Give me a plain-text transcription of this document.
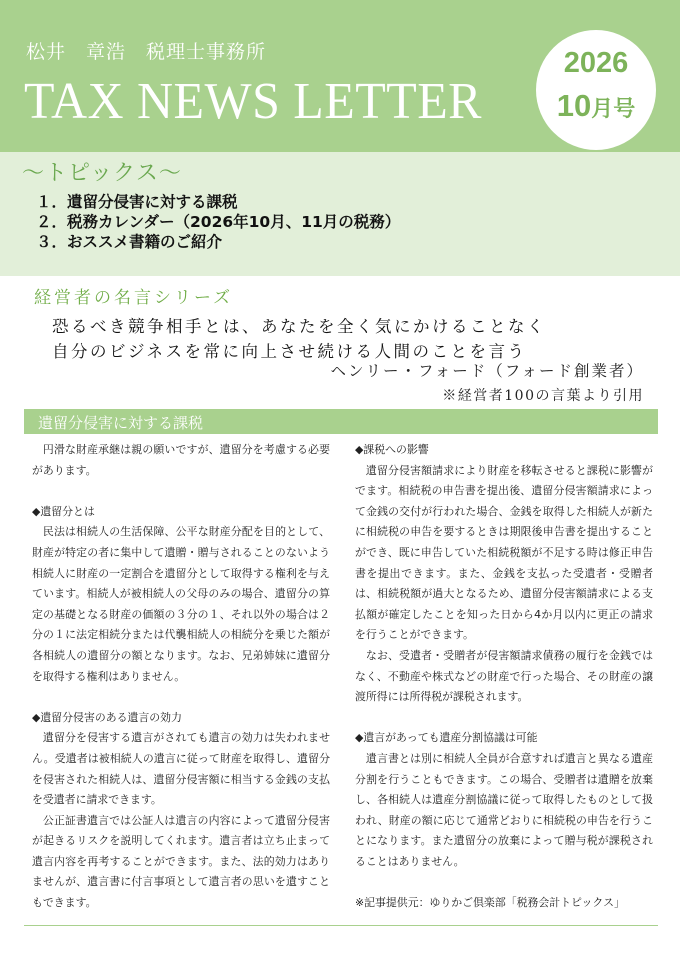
松井　章浩　税理士事務所
TAX NEWS LETTER
2026
10月号
～トピックス～
１．遺留分侵害に対する課税
２．税務カレンダー（2026年10月、11月の税務）
３．おススメ書籍のご紹介
経営者の名言シリーズ
恐るべき競争相手とは、あなたを全く気にかけることなく
自分のビジネスを常に向上させ続ける人間のことを言う
ヘンリー・フォード（フォード創業者）
※経営者100の言葉より引用
遺留分侵害に対する課税

円滑な財産承継は親の願いですが、遺留分を考慮する必要があります。

◆遺留分とは

民法は相続人の生活保障、公平な財産分配を目的として、財産が特定の者に集中して遺贈・贈与されることのないよう相続人に財産の一定割合を遺留分として取得する権利を与えています。相続人が被相続人の父母のみの場合、遺留分の算定の基礎となる財産の価額の３分の１、それ以外の場合は２分の１に法定相続分または代襲相続人の相続分を乗じた額が各相続人の遺留分の額となります。なお、兄弟姉妹に遺留分を取得する権利はありません。

◆遺留分侵害のある遺言の効力

遺留分を侵害する遺言がされても遺言の効力は失われません。受遺者は被相続人の遺言に従って財産を取得し、遺留分を侵害された相続人は、遺留分侵害額に相当する金銭の支払を受遺者に請求できます。

公正証書遺言では公証人は遺言の内容によって遺留分侵害が起きるリスクを説明してくれます。遺言者は立ち止まって遺言内容を再考することができます。また、法的効力はありませんが、遺言書に付言事項として遺言者の思いを遺すこともできます。

◆課税への影響

遺留分侵害額請求により財産を移転させると課税に影響がでます。相続税の申告書を提出後、遺留分侵害額請求によって金銭の交付が行われた場合、金銭を取得した相続人が新たに相続税の申告を要するときは期限後申告書を提出することができ、既に申告していた相続税額が不足する時は修正申告書を提出できます。また、金銭を支払った受遺者・受贈者は、相続税額が過大となるため、遺留分侵害額請求による支払額が確定したことを知った日から4か月以内に更正の請求を行うことができます。

なお、受遺者・受贈者が侵害額請求債務の履行を金銭ではなく、不動産や株式などの財産で行った場合、その財産の譲渡所得には所得税が課税されます。

◆遺言があっても遺産分割協議は可能

遺言書とは別に相続人全員が合意すれば遺言と異なる遺産分割を行うこともできます。この場合、受贈者は遺贈を放棄し、各相続人は遺産分割協議に従って取得したものとして扱われ、財産の額に応じて通常どおりに相続税の申告を行うことになります。また遺留分の放棄によって贈与税が課税されることはありません。

※記事提供元：ゆりかご倶楽部「税務会計トピックス」
